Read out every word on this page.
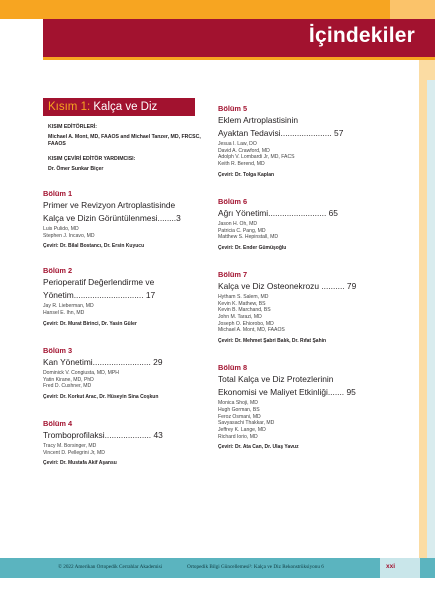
İçindekiler
Kısım 1: Kalça ve Diz
KISIM EDİTÖRLERİ:
Michael A. Mont, MD, FAAOS and Michael Tanzer, MD, FRCSC, FAAOS
KISIM ÇEVİRİ EDİTÖR YARDIMCISI:
Dr. Ömer Sunkar Biçer
Bölüm 1
Primer ve Revizyon Artroplastisinde
Kalça ve Dizin Görüntülenmesi........3
Luis Pulido, MD
Stephen J. Incavo, MD
Çeviri: Dr. Bilal Bostancı, Dr. Ersin Kuyucu
Bölüm 2
Perioperatif Değerlendirme ve
Yönetim.............................. 17
Jay R. Lieberman, MD
Hansel E. Ihn, MD
Çeviri: Dr. Murat Birinci, Dr. Yasin Güler
Bölüm 3
Kan Yönetimi......................... 29
Dominick V. Congiusta, MD, MPH
Yatin Kirane, MD, PhD
Fred D. Cushner, MD
Çeviri: Dr. Korkut Arac, Dr. Hüseyin Sina Coşkun
Bölüm 4
Tromboprofilaksi.................... 43
Tracy M. Borsinger, MD
Vincent D. Pellegrini Jr, MD
Çeviri: Dr. Mustafa Akif Aşansu
Bölüm 5
Eklem Artroplastisinin
Ayaktan Tedavisi...................... 57
Jesua I. Law, DO
David A. Crawford, MD
Adolph V. Lombardi Jr, MD, FACS
Keith R. Berend, MD
Çeviri: Dr. Tolga Kaplan
Bölüm 6
Ağrı Yönetimi......................... 65
Jason H. Oh, MD
Patricia C. Pang, MD
Matthew S. Hepinstall, MD
Çeviri: Dr. Ender Gümüşoğlu
Bölüm 7
Kalça ve Diz Osteonekrozu .......... 79
Hytham S. Salem, MD
Kevin K. Mathew, BS
Kevin B. Marchand, BS
John M. Tarazi, MD
Joseph O. Ehiorobo, MD
Michael A. Mont, MD, FAAOS
Çeviri: Dr. Mehmet Şabri Balık, Dr. Rıfat Şahin
Bölüm 8
Total Kalça ve Diz Protezlerinin
Ekonomisi ve Maliyet Etkinliği....... 95
Monica Shoji, MD
Hugh Gorman, BS
Feroz Osmani, MD
Savyasachi Thakkar, MD
Jeffrey K. Lange, MD
Richard Iorio, MD
Çeviri: Dr. Ata Can, Dr. Ulaş Yavuz
© 2022 Amerikan Ortopedik Cerrahlar Akademisi	Ortopedik Bilgi Güncellemesi²: Kalça ve Diz Rekonstrüksiyonu 6	xxi
